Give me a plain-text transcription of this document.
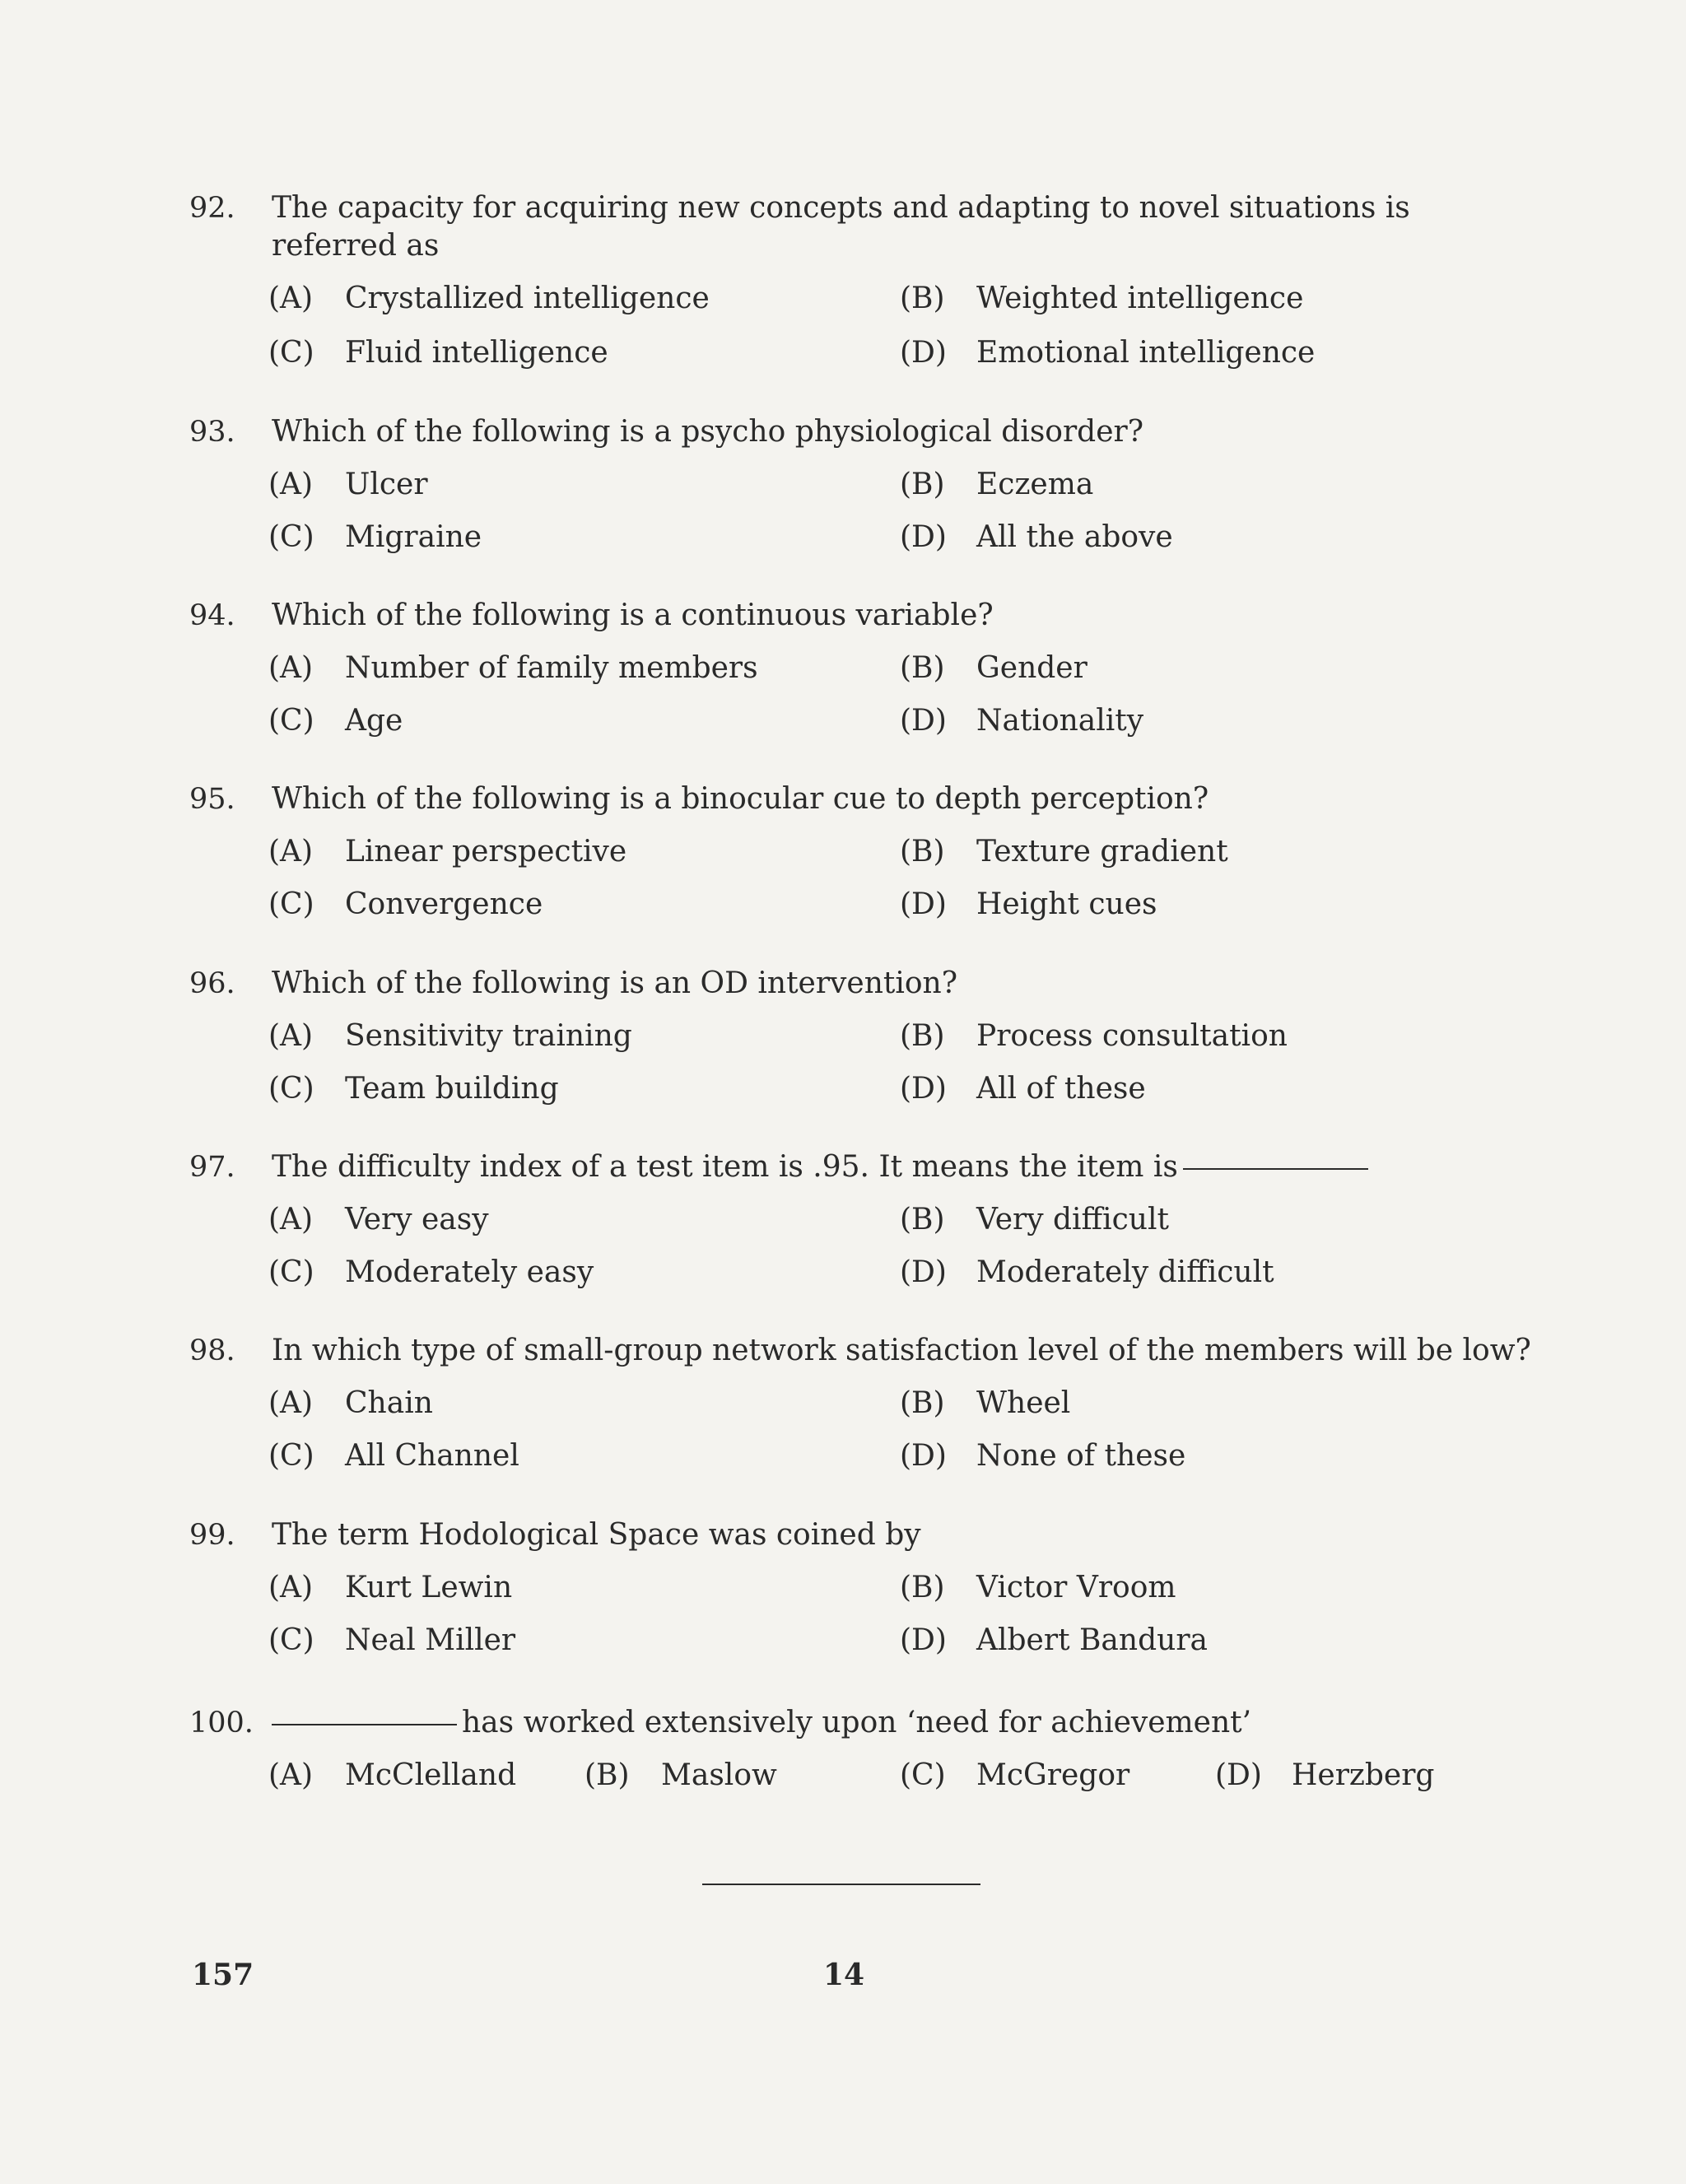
92. The capacity for acquiring new concepts and adapting to novel situations is referred as
(A) Crystallized intelligence	(B) Weighted intelligence
(C) Fluid intelligence	(D) Emotional intelligence
93. Which of the following is a psycho physiological disorder?
(A) Ulcer	(B) Eczema
(C) Migraine	(D) All the above
94. Which of the following is a continuous variable?
(A) Number of family members	(B) Gender
(C) Age	(D) Nationality
95. Which of the following is a binocular cue to depth perception?
(A) Linear perspective	(B) Texture gradient
(C) Convergence	(D) Height cues
96. Which of the following is an OD intervention?
(A) Sensitivity training	(B) Process consultation
(C) Team building	(D) All of these
97. The difficulty index of a test item is .95. It means the item is
(A) Very easy	(B) Very difficult
(C) Moderately easy	(D) Moderately difficult
98. In which type of small-group network satisfaction level of the members will be low?
(A) Chain	(B) Wheel
(C) All Channel	(D) None of these
99. The term Hodological Space was coined by
(A) Kurt Lewin	(B) Victor Vroom
(C) Neal Miller	(D) Albert Bandura
100.	has worked extensively upon ‘need for achievement’
(A) McClelland (B) Maslow	(C) McGregor	(D) Herzberg
157	14
